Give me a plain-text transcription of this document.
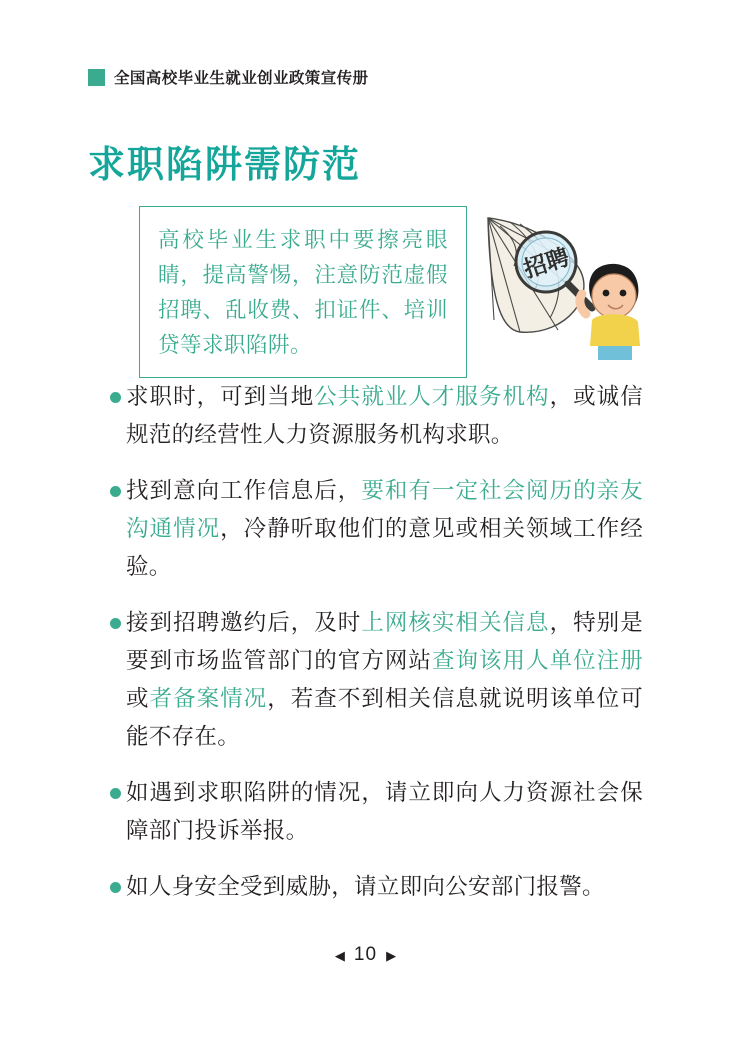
全国高校毕业生就业创业政策宣传册
求职陷阱需防范
高校毕业生求职中要擦亮眼睛，提高警惕，注意防范虚假招聘、乱收费、扣证件、培训贷等求职陷阱。
招聘
求职时，可到当地公共就业人才服务机构，或诚信规范的经营性人力资源服务机构求职。
找到意向工作信息后，要和有一定社会阅历的亲友沟通情况，冷静听取他们的意见或相关领域工作经验。
接到招聘邀约后，及时上网核实相关信息，特别是要到市场监管部门的官方网站查询该用人单位注册或者备案情况，若查不到相关信息就说明该单位可能不存在。
如遇到求职陷阱的情况，请立即向人力资源社会保障部门投诉举报。
如人身安全受到威胁，请立即向公安部门报警。
◀ 10 ▶
